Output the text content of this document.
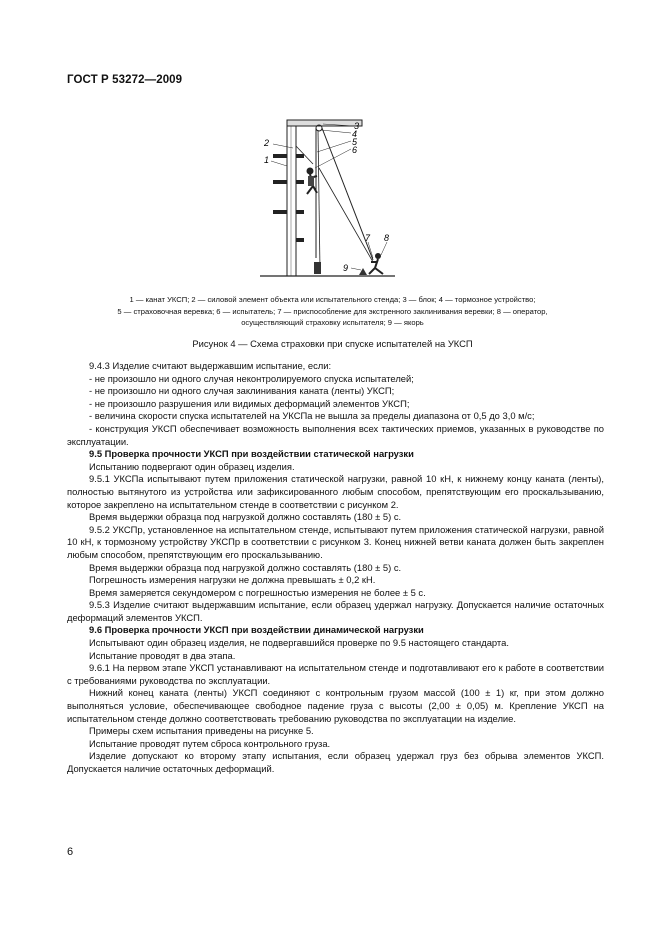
ГОСТ Р 53272—2009
2
1
3
4
5
6
7 8
9
1 — канат УКСП; 2 — силовой элемент объекта или испытательного стенда; 3 — блок; 4 — тормозное устройство;
5 — страховочная веревка; 6 — испытатель; 7 — приспособление для экстренного заклинивания веревки; 8 — оператор,
осуществляющий страховку испытателя; 9 — якорь
Рисунок 4 — Схема страховки при спуске испытателей на УКСП

9.4.3 Изделие считают выдержавшим испытание, если:

- не произошло ни одного случая неконтролируемого спуска испытателей;

- не произошло ни одного случая заклинивания каната (ленты) УКСП;

- не произошло разрушения или видимых деформаций элементов УКСП;

- величина скорости спуска испытателей на УКСПа не вышла за пределы диапазона от 0,5 до 3,0 м/с;

- конструкция УКСП обеспечивает возможность выполнения всех тактических приемов, указанных в руководстве по эксплуатации.

9.5 Проверка прочности УКСП при воздействии статической нагрузки

Испытанию подвергают один образец изделия.

9.5.1 УКСПа испытывают путем приложения статической нагрузки, равной 10 кН, к нижнему концу каната (ленты), полностью вытянутого из устройства или зафиксированного любым способом, препятствующим его проскальзыванию, которое закреплено на испытательном стенде в соответствии с рисунком 2.

Время выдержки образца под нагрузкой должно составлять (180 ± 5) с.

9.5.2 УКСПр, установленное на испытательном стенде, испытывают путем приложения статической нагрузки, равной 10 кН, к тормозному устройству УКСПр в соответствии с рисунком 3. Конец нижней ветви каната должен быть закреплен любым способом, препятствующим его проскальзыванию.

Время выдержки образца под нагрузкой должно составлять (180 ± 5) с.

Погрешность измерения нагрузки не должна превышать ± 0,2 кН.

Время замеряется секундомером с погрешностью измерения не более ± 5 с.

9.5.3 Изделие считают выдержавшим испытание, если образец удержал нагрузку. Допускается наличие остаточных деформаций элементов УКСП.

9.6 Проверка прочности УКСП при воздействии динамической нагрузки

Испытывают один образец изделия, не подвергавшийся проверке по 9.5 настоящего стандарта.

Испытание проводят в два этапа.

9.6.1 На первом этапе УКСП устанавливают на испытательном стенде и подготавливают его к работе в соответствии с требованиями руководства по эксплуатации.

Нижний конец каната (ленты) УКСП соединяют с контрольным грузом массой (100 ± 1) кг, при этом должно выполняться условие, обеспечивающее свободное падение груза с высоты (2,00 ± 0,05) м. Крепление УКСП на испытательном стенде должно соответствовать требованию руководства по эксплуатации на изделие.

Примеры схем испытания приведены на рисунке 5.

Испытание проводят путем сброса контрольного груза.

Изделие допускают ко второму этапу испытания, если образец удержал груз без обрыва элементов УКСП. Допускается наличие остаточных деформаций.

6
